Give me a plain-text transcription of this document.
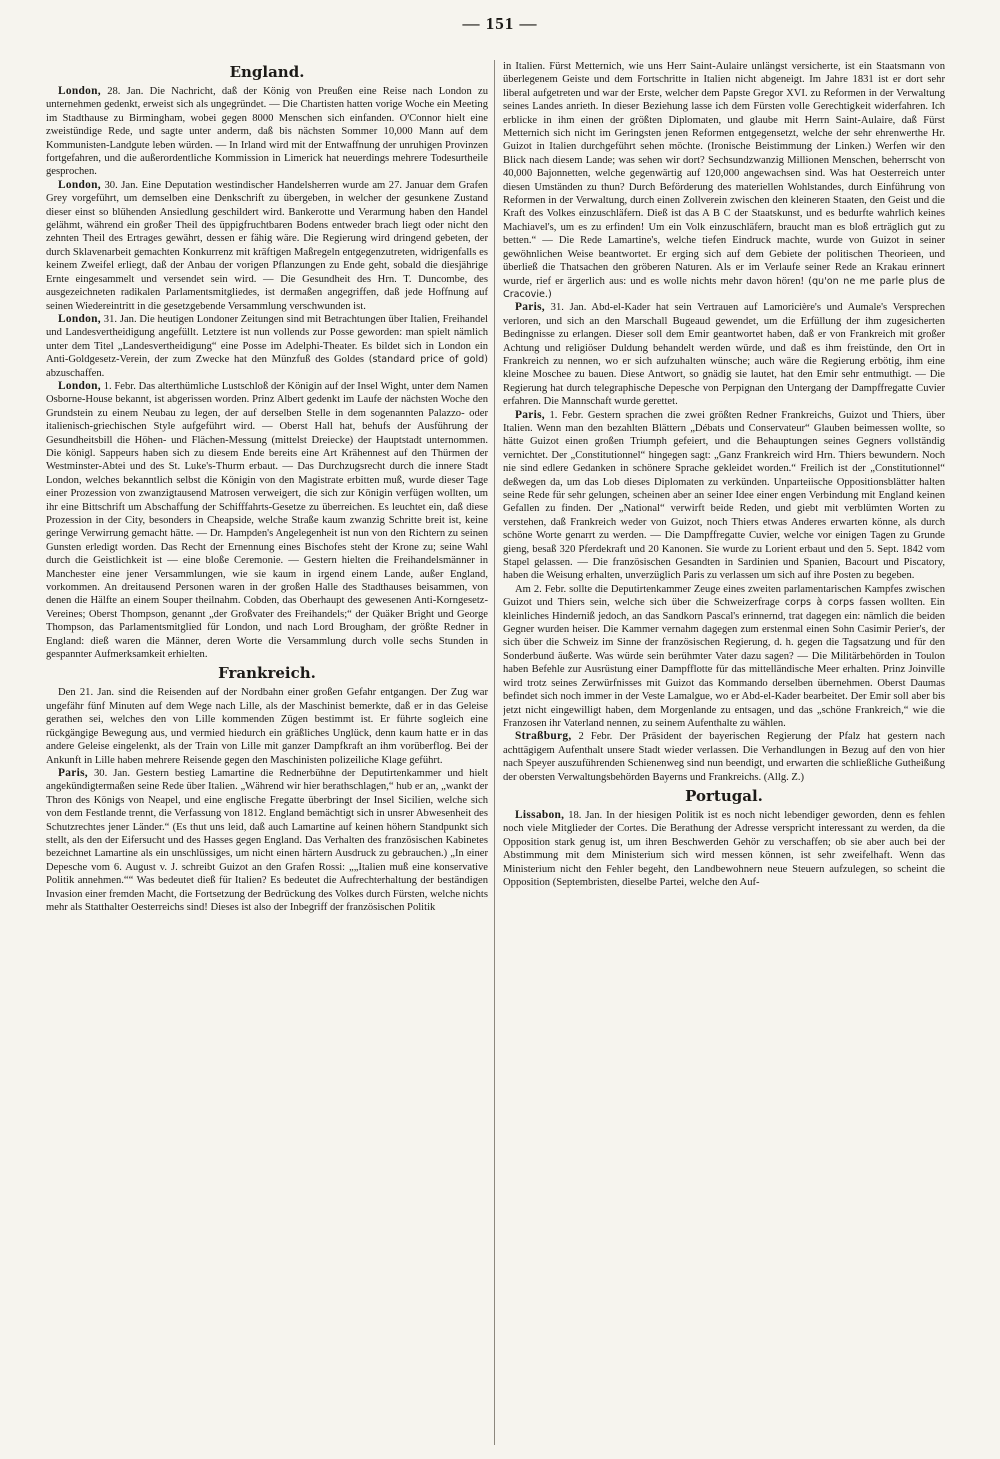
— 151 —
England.

London, 28. Jan. Die Nachricht, daß der König von Preußen eine Reise nach London zu unternehmen gedenkt, erweist sich als ungegründet. — Die Chartisten hatten vorige Woche ein Meeting im Stadthause zu Birmingham, wobei gegen 8000 Menschen sich einfanden. O'Connor hielt eine zweistündige Rede, und sagte unter anderm, daß bis nächsten Sommer 10,000 Mann auf dem Kommunisten-Landgute leben würden. — In Irland wird mit der Entwaffnung der unruhigen Provinzen fortgefahren, und die außerordentliche Kommission in Limerick hat neuerdings mehrere Todesurtheile gesprochen.

London, 30. Jan. Eine Deputation westindischer Handelsherren wurde am 27. Januar dem Grafen Grey vorgeführt, um demselben eine Denkschrift zu übergeben, in welcher der gesunkene Zustand dieser einst so blühenden Ansiedlung geschildert wird. Bankerotte und Verarmung haben den Handel gelähmt, während ein großer Theil des üppigfruchtbaren Bodens entweder brach liegt oder nicht den zehnten Theil des Ertrages gewährt, dessen er fähig wäre. Die Regierung wird dringend gebeten, der durch Sklavenarbeit gemachten Konkurrenz mit kräftigen Maßregeln entgegenzutreten, widrigenfalls es keinem Zweifel erliegt, daß der Anbau der vorigen Pflanzungen zu Ende geht, sobald die diesjährige Ernte eingesammelt und versendet sein wird. — Die Gesundheit des Hrn. T. Duncombe, des ausgezeichneten radikalen Parlamentsmitgliedes, ist dermaßen angegriffen, daß jede Hoffnung auf seinen Wiedereintritt in die gesetzgebende Versammlung verschwunden ist.

London, 31. Jan. Die heutigen Londoner Zeitungen sind mit Betrachtungen über Italien, Freihandel und Landesvertheidigung angefüllt. Letztere ist nun vollends zur Posse geworden: man spielt nämlich unter dem Titel „Landesvertheidigung“ eine Posse im Adelphi-Theater. Es bildet sich in London ein Anti-Goldgesetz-Verein, der zum Zwecke hat den Münzfuß des Goldes (standard price of gold) abzuschaffen.

London, 1. Febr. Das alterthümliche Lustschloß der Königin auf der Insel Wight, unter dem Namen Osborne-House bekannt, ist abgerissen worden. Prinz Albert gedenkt im Laufe der nächsten Woche den Grundstein zu einem Neubau zu legen, der auf derselben Stelle in dem sogenannten Palazzo- oder italienisch-griechischen Style aufgeführt wird. — Oberst Hall hat, behufs der Ausführung der Gesundheitsbill die Höhen- und Flächen-Messung (mittelst Dreiecke) der Hauptstadt unternommen. Die königl. Sappeurs haben sich zu diesem Ende bereits eine Art Krähennest auf den Thürmen der Westminster-Abtei und des St. Luke's-Thurm erbaut. — Das Durchzugsrecht durch die innere Stadt London, welches bekanntlich selbst die Königin von den Magistrate erbitten muß, wurde dieser Tage einer Prozession von zwanzigtausend Matrosen verweigert, die sich zur Königin verfügen wollten, um ihr eine Bittschrift um Abschaffung der Schifffahrts-Gesetze zu überreichen. Es leuchtet ein, daß diese Prozession in der City, besonders in Cheapside, welche Straße kaum zwanzig Schritte breit ist, keine geringe Verwirrung gemacht hätte. — Dr. Hampden's Angelegenheit ist nun von den Richtern zu seinen Gunsten erledigt worden. Das Recht der Ernennung eines Bischofes steht der Krone zu; seine Wahl durch die Geistlichkeit ist — eine bloße Ceremonie. — Gestern hielten die Freihandelsmänner in Manchester eine jener Versammlungen, wie sie kaum in irgend einem Lande, außer England, vorkommen. An dreitausend Personen waren in der großen Halle des Stadthauses beisammen, von denen die Hälfte an einem Souper theilnahm. Cobden, das Oberhaupt des gewesenen Anti-Korngesetz-Vereines; Oberst Thompson, genannt „der Großvater des Freihandels;“ der Quäker Bright und George Thompson, das Parlamentsmitglied für London, und nach Lord Brougham, der größte Redner in England: dieß waren die Männer, deren Worte die Versammlung durch volle sechs Stunden in gespannter Aufmerksamkeit erhielten.

Frankreich.

Den 21. Jan. sind die Reisenden auf der Nordbahn einer großen Gefahr entgangen. Der Zug war ungefähr fünf Minuten auf dem Wege nach Lille, als der Maschinist bemerkte, daß er in das Geleise gerathen sei, welches den von Lille kommenden Zügen bestimmt ist. Er führte sogleich eine rückgängige Bewegung aus, und vermied hiedurch ein gräßliches Unglück, denn kaum hatte er in das andere Geleise eingelenkt, als der Train von Lille mit ganzer Dampfkraft an ihm vorüberflog. Bei der Ankunft in Lille haben mehrere Reisende gegen den Maschinisten polizeiliche Klage geführt.

Paris, 30. Jan. Gestern bestieg Lamartine die Rednerbühne der Deputirtenkammer und hielt angekündigtermaßen seine Rede über Italien. „Während wir hier berathschlagen,“ hub er an, „wankt der Thron des Königs von Neapel, und eine englische Fregatte überbringt der Insel Sicilien, welche sich von dem Festlande trennt, die Verfassung von 1812. England bemächtigt sich in unsrer Abwesenheit des Schutzrechtes jener Länder.“ (Es thut uns leid, daß auch Lamartine auf keinen höhern Standpunkt sich stellt, als den der Eifersucht und des Hasses gegen England. Das Verhalten des französischen Kabinetes bezeichnet Lamartine als ein unschlüssiges, um nicht einen härtern Ausdruck zu gebrauchen.) „In einer Depesche vom 6. August v. J. schreibt Guizot an den Grafen Rossi: „„Italien muß eine konservative Politik annehmen.““ Was bedeutet dieß für Italien? Es bedeutet die Aufrechterhaltung der beständigen Invasion einer fremden Macht, die Fortsetzung der Bedrückung des Volkes durch Fürsten, welche nichts mehr als Statthalter Oesterreichs sind! Dieses ist also der Inbegriff der französischen Politik

in Italien. Fürst Metternich, wie uns Herr Saint-Aulaire unlängst versicherte, ist ein Staatsmann von überlegenem Geiste und dem Fortschritte in Italien nicht abgeneigt. Im Jahre 1831 ist er dort sehr liberal aufgetreten und war der Erste, welcher dem Papste Gregor XVI. zu Reformen in der Verwaltung seines Landes anrieth. In dieser Beziehung lasse ich dem Fürsten volle Gerechtigkeit widerfahren. Ich erblicke in ihm einen der größten Diplomaten, und glaube mit Herrn Saint-Aulaire, daß Fürst Metternich sich nicht im Geringsten jenen Reformen entgegensetzt, welche der sehr ehrenwerthe Hr. Guizot in Italien durchgeführt sehen möchte. (Ironische Beistimmung der Linken.) Werfen wir den Blick nach diesem Lande; was sehen wir dort? Sechsundzwanzig Millionen Menschen, beherrscht von 40,000 Bajonnetten, welche gegenwärtig auf 120,000 angewachsen sind. Was hat Oesterreich unter diesen Umständen zu thun? Durch Beförderung des materiellen Wohlstandes, durch Einführung von Reformen in der Verwaltung, durch einen Zollverein zwischen den kleineren Staaten, den Geist und die Kraft des Volkes einzuschläfern. Dieß ist das A B C der Staatskunst, und es bedurfte wahrlich keines Machiavel's, um es zu erfinden! Um ein Volk einzuschläfern, braucht man es bloß erträglich gut zu betten.“ — Die Rede Lamartine's, welche tiefen Eindruck machte, wurde von Guizot in seiner gewöhnlichen Weise beantwortet. Er erging sich auf dem Gebiete der politischen Theorieen, und überließ die Thatsachen den gröberen Naturen. Als er im Verlaufe seiner Rede an Krakau erinnert wurde, rief er ärgerlich aus: und es wolle nichts mehr davon hören! (qu'on ne me parle plus de Cracovie.)

Paris, 31. Jan. Abd-el-Kader hat sein Vertrauen auf Lamoricière's und Aumale's Versprechen verloren, und sich an den Marschall Bugeaud gewendet, um die Erfüllung der ihm zugesicherten Bedingnisse zu erlangen. Dieser soll dem Emir geantwortet haben, daß er von Frankreich mit großer Achtung und religiöser Duldung behandelt werden würde, und daß es ihm freistünde, den Ort in Frankreich zu nennen, wo er sich aufzuhalten wünsche; auch wäre die Regierung erbötig, ihm eine kleine Moschee zu bauen. Diese Antwort, so gnädig sie lautet, hat den Emir sehr entmuthigt. — Die Regierung hat durch telegraphische Depesche von Perpignan den Untergang der Dampffregatte Cuvier erfahren. Die Mannschaft wurde gerettet.

Paris, 1. Febr. Gestern sprachen die zwei größten Redner Frankreichs, Guizot und Thiers, über Italien. Wenn man den bezahlten Blättern „Débats und Conservateur“ Glauben beimessen wollte, so hätte Guizot einen großen Triumph gefeiert, und die Behauptungen seines Gegners vollständig vernichtet. Der „Constitutionnel“ hingegen sagt: „Ganz Frankreich wird Hrn. Thiers bewundern. Noch nie sind edlere Gedanken in schönere Sprache gekleidet worden.“ Freilich ist der „Constitutionnel“ deßwegen da, um das Lob dieses Diplomaten zu verkünden. Unparteiische Oppositionsblätter halten seine Rede für sehr gelungen, scheinen aber an seiner Idee einer engen Verbindung mit England keinen Gefallen zu finden. Der „National“ verwirft beide Reden, und giebt mit verblümten Worten zu verstehen, daß Frankreich weder von Guizot, noch Thiers etwas Anderes erwarten könne, als durch schöne Worte genarrt zu werden. — Die Dampffregatte Cuvier, welche vor einigen Tagen zu Grunde gieng, besaß 320 Pferdekraft und 20 Kanonen. Sie wurde zu Lorient erbaut und den 5. Sept. 1842 vom Stapel gelassen. — Die französischen Gesandten in Sardinien und Spanien, Bacourt und Piscatory, haben die Weisung erhalten, unverzüglich Paris zu verlassen um sich auf ihre Posten zu begeben.

Am 2. Febr. sollte die Deputirtenkammer Zeuge eines zweiten parlamentarischen Kampfes zwischen Guizot und Thiers sein, welche sich über die Schweizerfrage corps à corps fassen wollten. Ein kleinliches Hinderniß jedoch, an das Sandkorn Pascal's erinnernd, trat dagegen ein: nämlich die beiden Gegner wurden heiser. Die Kammer vernahm dagegen zum erstenmal einen Sohn Casimir Perier's, der sich über die Schweiz im Sinne der französischen Regierung, d. h. gegen die Tagsatzung und für den Sonderbund äußerte. Was würde sein berühmter Vater dazu sagen? — Die Militärbehörden in Toulon haben Befehle zur Ausrüstung einer Dampfflotte für das mittelländische Meer erhalten. Prinz Joinville wird trotz seines Zerwürfnisses mit Guizot das Kommando derselben übernehmen. Oberst Daumas befindet sich noch immer in der Veste Lamalgue, wo er Abd-el-Kader bearbeitet. Der Emir soll aber bis jetzt nicht eingewilligt haben, dem Morgenlande zu entsagen, und das „schöne Frankreich,“ wie die Franzosen ihr Vaterland nennen, zu seinem Aufenthalte zu wählen.

Straßburg, 2 Febr. Der Präsident der bayerischen Regierung der Pfalz hat gestern nach achttägigem Aufenthalt unsere Stadt wieder verlassen. Die Verhandlungen in Bezug auf den von hier nach Speyer auszuführenden Schienenweg sind nun beendigt, und erwarten die schließliche Gutheißung der obersten Verwaltungsbehörden Bayerns und Frankreichs. (Allg. Z.)

Portugal.

Lissabon, 18. Jan. In der hiesigen Politik ist es noch nicht lebendiger geworden, denn es fehlen noch viele Mitglieder der Cortes. Die Berathung der Adresse verspricht interessant zu werden, da die Opposition stark genug ist, um ihren Beschwerden Gehör zu verschaffen; ob sie aber auch bei der Abstimmung mit dem Ministerium sich wird messen können, ist sehr zweifelhaft. Wenn das Ministerium nicht den Fehler begeht, den Landbewohnern neue Steuern aufzulegen, so scheint die Opposition (Septembristen, dieselbe Partei, welche den Auf-
